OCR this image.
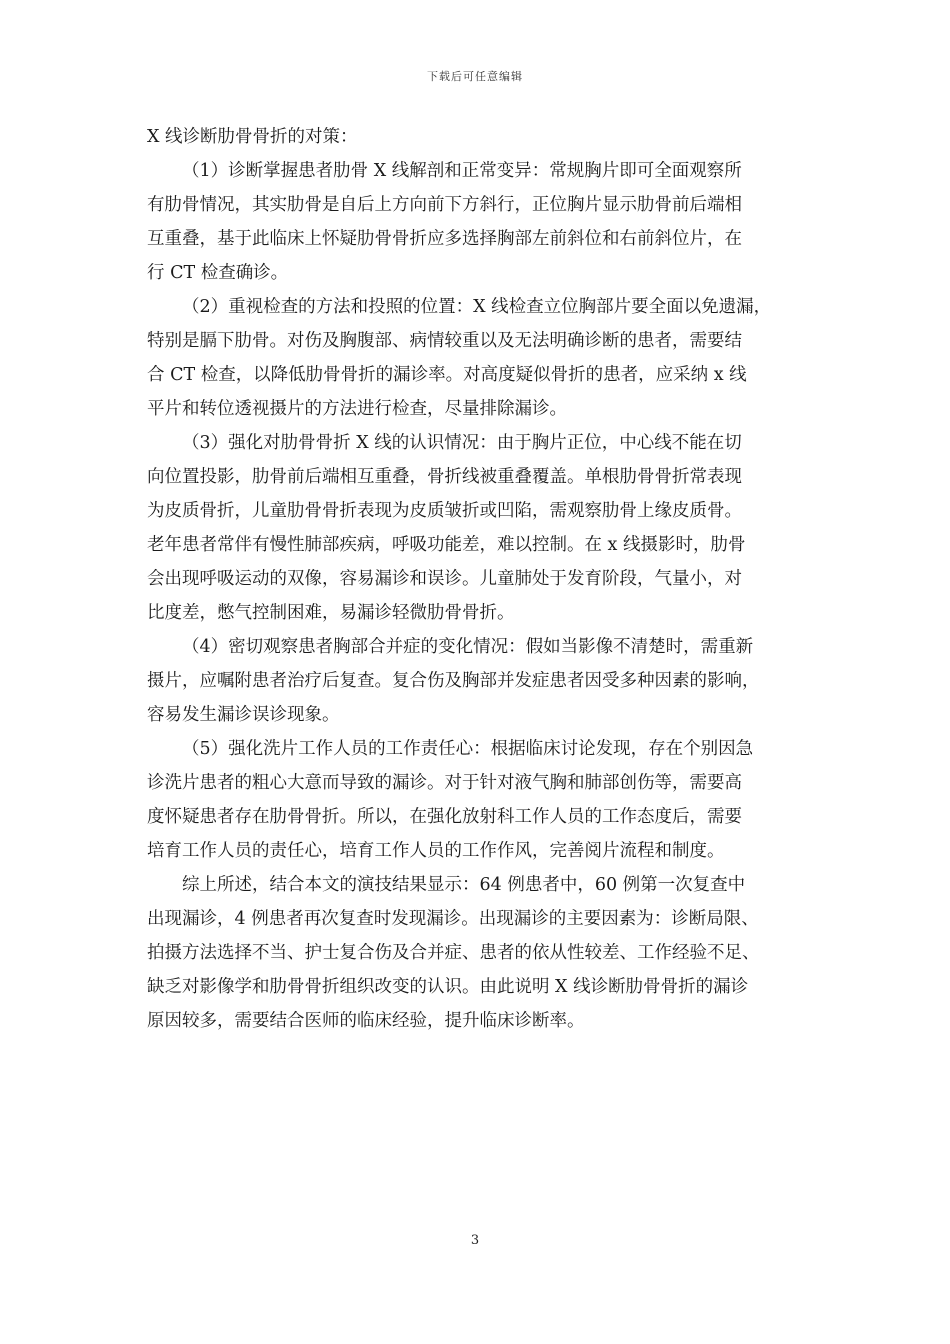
下载后可任意编辑
X 线诊断肋骨骨折的对策：
（1）诊断掌握患者肋骨 X 线解剖和正常变异：常规胸片即可全面观察所
有肋骨情况，其实肋骨是自后上方向前下方斜行，正位胸片显示肋骨前后端相
互重叠，基于此临床上怀疑肋骨骨折应多选择胸部左前斜位和右前斜位片，在
行 CT 检查确诊。
（2）重视检查的方法和投照的位置：X 线检查立位胸部片要全面以免遗漏，
特别是膈下肋骨。对伤及胸腹部、病情较重以及无法明确诊断的患者，需要结
合 CT 检查，以降低肋骨骨折的漏诊率。对高度疑似骨折的患者，应采纳 x 线
平片和转位透视摄片的方法进行检查，尽量排除漏诊。
（3）强化对肋骨骨折 X 线的认识情况：由于胸片正位，中心线不能在切
向位置投影，肋骨前后端相互重叠，骨折线被重叠覆盖。单根肋骨骨折常表现
为皮质骨折，儿童肋骨骨折表现为皮质皱折或凹陷，需观察肋骨上缘皮质骨。
老年患者常伴有慢性肺部疾病，呼吸功能差，难以控制。在 x 线摄影时，肋骨
会出现呼吸运动的双像，容易漏诊和误诊。儿童肺处于发育阶段，气量小，对
比度差，憋气控制困难，易漏诊轻微肋骨骨折。
（4）密切观察患者胸部合并症的变化情况：假如当影像不清楚时，需重新
摄片，应嘱附患者治疗后复查。复合伤及胸部并发症患者因受多种因素的影响，
容易发生漏诊误诊现象。
（5）强化洗片工作人员的工作责任心：根据临床讨论发现，存在个别因急
诊洗片患者的粗心大意而导致的漏诊。对于针对液气胸和肺部创伤等，需要高
度怀疑患者存在肋骨骨折。所以，在强化放射科工作人员的工作态度后，需要
培育工作人员的责任心，培育工作人员的工作作风，完善阅片流程和制度。
综上所述，结合本文的演技结果显示：64 例患者中，60 例第一次复查中
出现漏诊，4 例患者再次复查时发现漏诊。出现漏诊的主要因素为：诊断局限、
拍摄方法选择不当、护士复合伤及合并症、患者的依从性较差、工作经验不足、
缺乏对影像学和肋骨骨折组织改变的认识。由此说明 X 线诊断肋骨骨折的漏诊
原因较多，需要结合医师的临床经验，提升临床诊断率。
3
